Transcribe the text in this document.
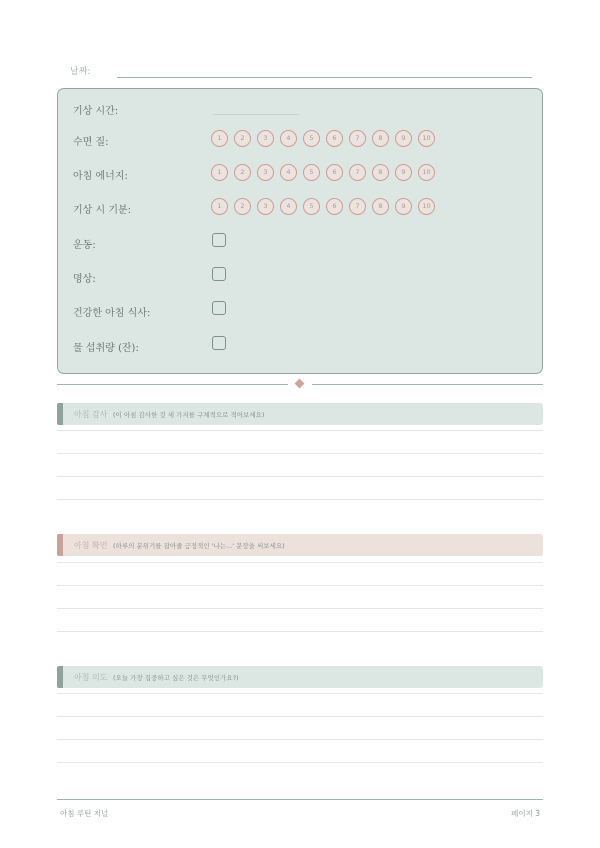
날짜:
기상 시간:
수면 질:	1	2	3	4	5	6	7	8	9	10
아침 에너지:	1	2	3	4	5	6	7	8	9	10
기상 시 기분:	1	2	3	4	5	6	7	8	9	10
운동:
명상:
건강한 아침 식사:
물 섭취량 (잔):
아침 감사 (이 아침 감사한 것 세 가지를 구체적으로 적어보세요)
아침 확언 (하루의 분위기를 잡아줄 긍정적인 '나는...' 문장을 써보세요)
아침 의도 (오늘 가장 집중하고 싶은 것은 무엇인가요?)
아침 루틴 저널	페이지 3
